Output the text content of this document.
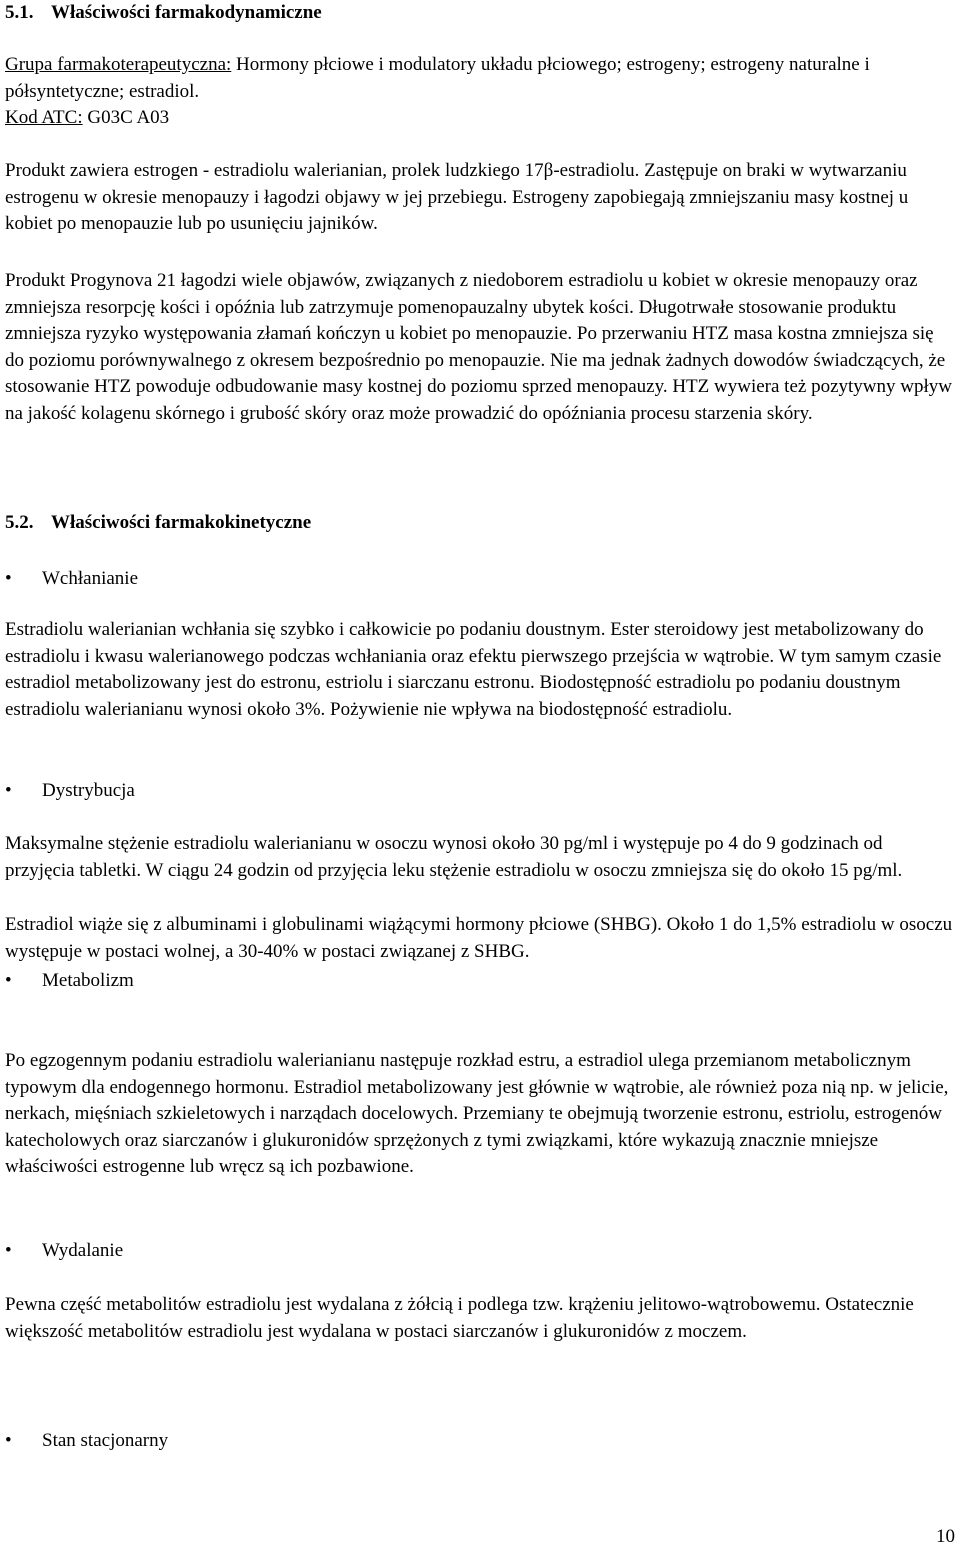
5.1. Właściwości farmakodynamiczne

Grupa farmakoterapeutyczna: Hormony płciowe i modulatory układu płciowego; estrogeny; estrogeny naturalne i półsyntetyczne; estradiol.
Kod ATC: G03C A03

Produkt zawiera estrogen - estradiolu walerianian, prolek ludzkiego 17β-estradiolu. Zastępuje on braki w wytwarzaniu estrogenu w okresie menopauzy i łagodzi objawy w jej przebiegu. Estrogeny zapobiegają zmniejszaniu masy kostnej u kobiet po menopauzie lub po usunięciu jajników.

Produkt Progynova 21 łagodzi wiele objawów, związanych z niedoborem estradiolu u kobiet w okresie menopauzy oraz zmniejsza resorpcję kości i opóźnia lub zatrzymuje pomenopauzalny ubytek kości. Długotrwałe stosowanie produktu zmniejsza ryzyko występowania złamań kończyn u kobiet po menopauzie. Po przerwaniu HTZ masa kostna zmniejsza się do poziomu porównywalnego z okresem bezpośrednio po menopauzie. Nie ma jednak żadnych dowodów świadczących, że stosowanie HTZ powoduje odbudowanie masy kostnej do poziomu sprzed menopauzy. HTZ wywiera też pozytywny wpływ na jakość kolagenu skórnego i grubość skóry oraz może prowadzić do opóźniania procesu starzenia skóry.

5.2. Właściwości farmakokinetyczne
• Wchłanianie

Estradiolu walerianian wchłania się szybko i całkowicie po podaniu doustnym. Ester steroidowy jest metabolizowany do estradiolu i kwasu walerianowego podczas wchłaniania oraz efektu pierwszego przejścia w wątrobie. W tym samym czasie estradiol metabolizowany jest do estronu, estriolu i siarczanu estronu. Biodostępność estradiolu po podaniu doustnym estradiolu walerianianu wynosi około 3%. Pożywienie nie wpływa na biodostępność estradiolu.

• Dystrybucja

Maksymalne stężenie estradiolu walerianianu w osoczu wynosi około 30 pg/ml i występuje po 4 do 9 godzinach od przyjęcia tabletki. W ciągu 24 godzin od przyjęcia leku stężenie estradiolu w osoczu zmniejsza się do około 15 pg/ml.

Estradiol wiąże się z albuminami i globulinami wiążącymi hormony płciowe (SHBG). Około 1 do 1,5% estradiolu w osoczu występuje w postaci wolnej, a 30-40% w postaci związanej z SHBG.

• Metabolizm

Po egzogennym podaniu estradiolu walerianianu następuje rozkład estru, a estradiol ulega przemianom metabolicznym typowym dla endogennego hormonu. Estradiol metabolizowany jest głównie w wątrobie, ale również poza nią np. w jelicie, nerkach, mięśniach szkieletowych i narządach docelowych. Przemiany te obejmują tworzenie estronu, estriolu, estrogenów katecholowych oraz siarczanów i glukuronidów sprzężonych z tymi związkami, które wykazują znacznie mniejsze właściwości estrogenne lub wręcz są ich pozbawione.

• Wydalanie

Pewna część metabolitów estradiolu jest wydalana z żółcią i podlega tzw. krążeniu jelitowo-wątrobowemu. Ostatecznie większość metabolitów estradiolu jest wydalana w postaci siarczanów i glukuronidów z moczem.

• Stan stacjonarny
10
